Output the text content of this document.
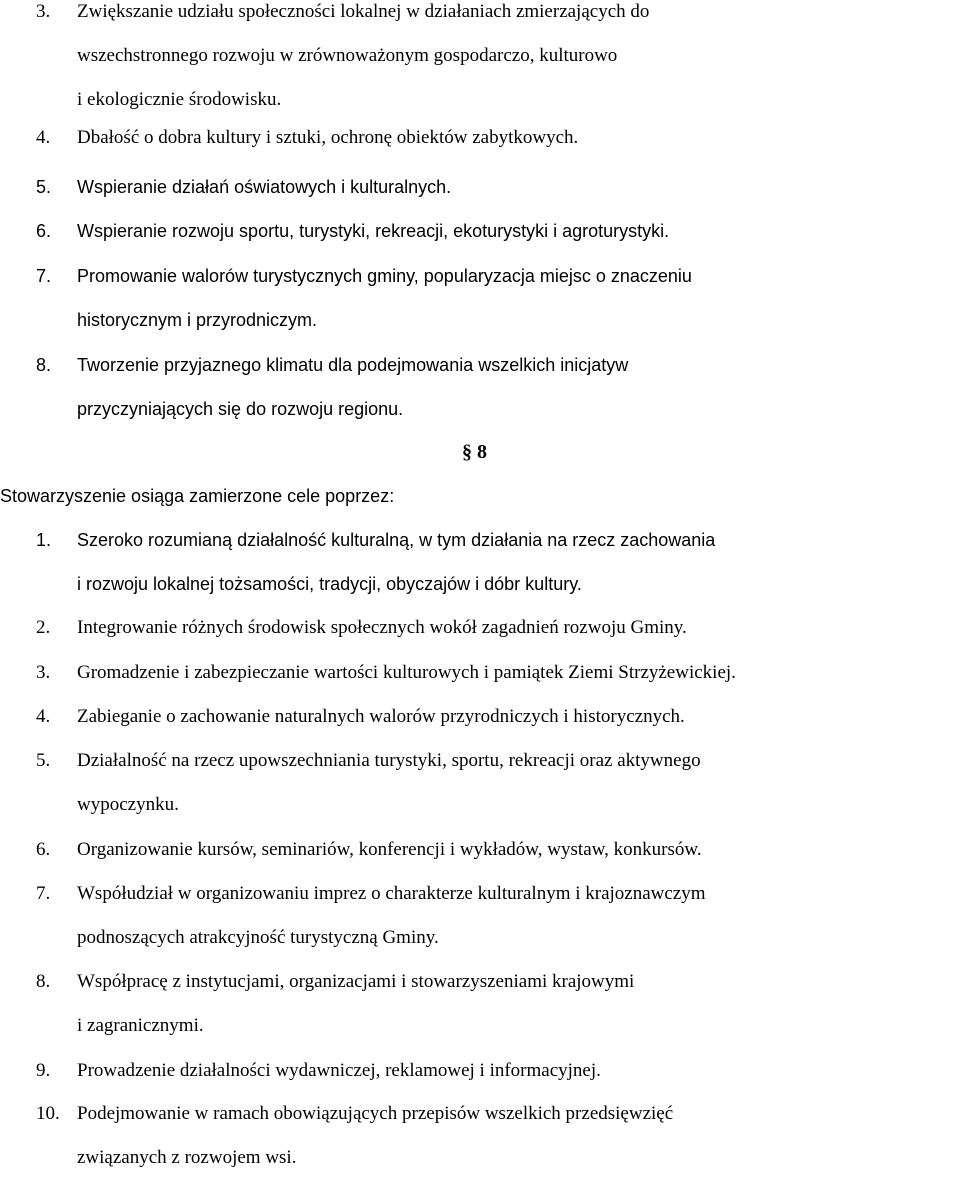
3. Zwiększanie udziału społeczności lokalnej w działaniach zmierzających do
wszechstronnego rozwoju w zrównoważonym gospodarczo, kulturowo
i ekologicznie środowisku.
4. Dbałość o dobra kultury i sztuki, ochronę obiektów zabytkowych.
5. Wspieranie działań oświatowych i kulturalnych.
6. Wspieranie rozwoju sportu, turystyki, rekreacji, ekoturystyki i agroturystyki.
7. Promowanie walorów turystycznych gminy, popularyzacja miejsc o znaczeniu
historycznym i przyrodniczym.
8. Tworzenie przyjaznego klimatu dla podejmowania wszelkich inicjatyw
przyczyniających się do rozwoju regionu.
§ 8
Stowarzyszenie osiąga zamierzone cele poprzez:
1. Szeroko rozumianą działalność kulturalną, w tym działania na rzecz zachowania
i rozwoju lokalnej tożsamości, tradycji, obyczajów i dóbr kultury.
2. Integrowanie różnych środowisk społecznych wokół zagadnień rozwoju Gminy.
3. Gromadzenie i zabezpieczanie wartości kulturowych i pamiątek Ziemi Strzyżewickiej.
4. Zabieganie o zachowanie naturalnych walorów przyrodniczych i historycznych.
5. Działalność na rzecz upowszechniania turystyki, sportu, rekreacji oraz aktywnego
wypoczynku.
6. Organizowanie kursów, seminariów, konferencji i wykładów, wystaw, konkursów.
7. Współudział w organizowaniu imprez o charakterze kulturalnym i krajoznawczym
podnoszących atrakcyjność turystyczną Gminy.
8. Współpracę z instytucjami, organizacjami i stowarzyszeniami krajowymi
i zagranicznymi.
9. Prowadzenie działalności wydawniczej, reklamowej i informacyjnej.
10. Podejmowanie w ramach obowiązujących przepisów wszelkich przedsięwzięć
związanych z rozwojem wsi.
